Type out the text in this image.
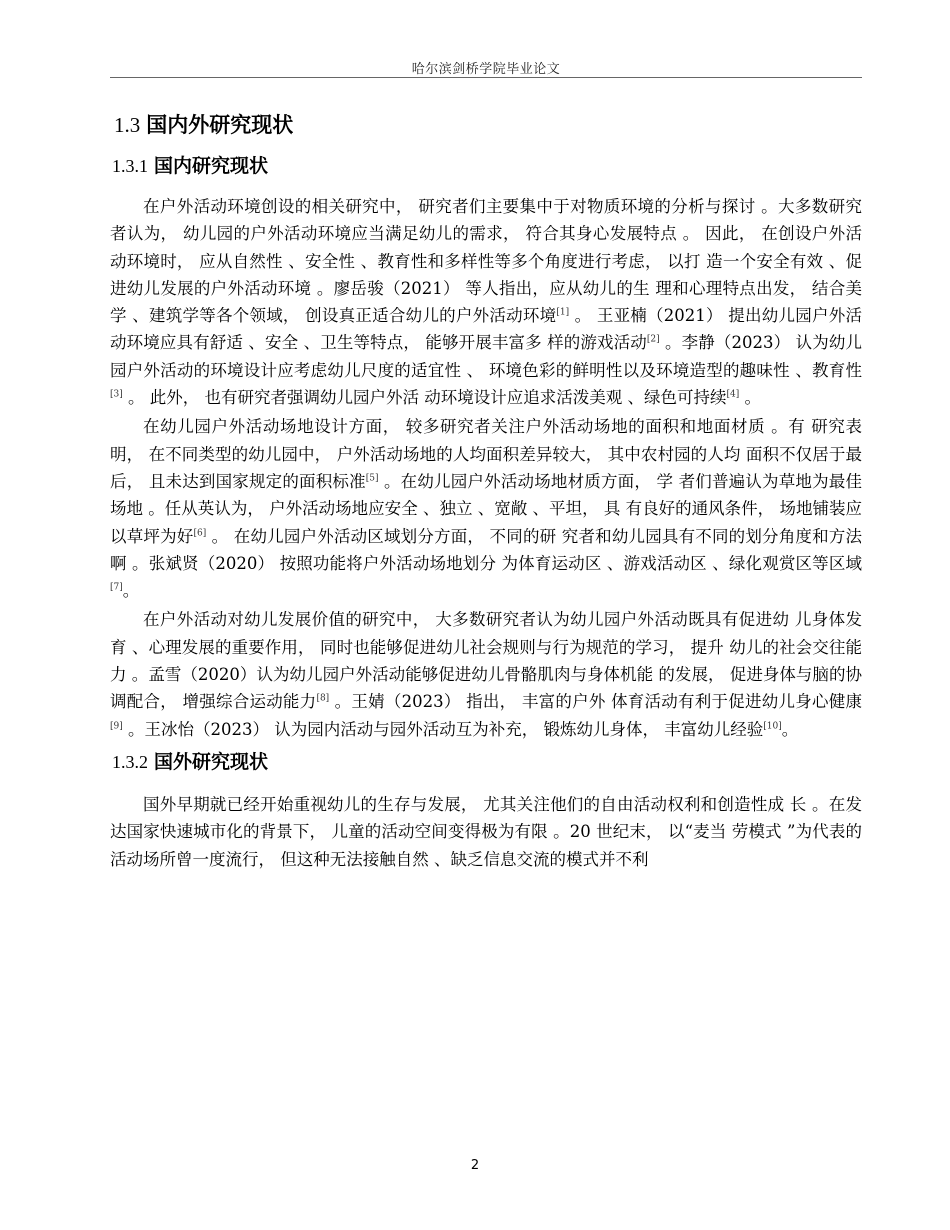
哈尔滨剑桥学院毕业论文
1.3 国内外研究现状
1.3.1 国内研究现状

在户外活动环境创设的相关研究中， 研究者们主要集中于对物质环境的分析与探讨 。大多数研究者认为， 幼儿园的户外活动环境应当满足幼儿的需求， 符合其身心发展特点 。 因此， 在创设户外活动环境时， 应从自然性 、安全性 、教育性和多样性等多个角度进行考虑， 以打 造一个安全有效 、促进幼儿发展的户外活动环境 。廖岳骏（2021） 等人指出，应从幼儿的生 理和心理特点出发， 结合美学 、建筑学等各个领域， 创设真正适合幼儿的户外活动环境[1] 。 王亚楠（2021） 提出幼儿园户外活动环境应具有舒适 、安全 、卫生等特点， 能够开展丰富多 样的游戏活动[2] 。李静（2023） 认为幼儿园户外活动的环境设计应考虑幼儿尺度的适宜性 、 环境色彩的鲜明性以及环境造型的趣味性 、教育性[3] 。 此外， 也有研究者强调幼儿园户外活 动环境设计应追求活泼美观 、绿色可持续[4] 。

在幼儿园户外活动场地设计方面， 较多研究者关注户外活动场地的面积和地面材质 。有 研究表明， 在不同类型的幼儿园中， 户外活动场地的人均面积差异较大， 其中农村园的人均 面积不仅居于最后， 且未达到国家规定的面积标准[5] 。在幼儿园户外活动场地材质方面， 学 者们普遍认为草地为最佳场地 。任从英认为， 户外活动场地应安全 、独立 、宽敞 、平坦， 具 有良好的通风条件， 场地铺装应以草坪为好[6] 。 在幼儿园户外活动区域划分方面， 不同的研 究者和幼儿园具有不同的划分角度和方法啊 。张斌贤（2020） 按照功能将户外活动场地划分 为体育运动区 、游戏活动区 、绿化观赏区等区域[7]。

在户外活动对幼儿发展价值的研究中， 大多数研究者认为幼儿园户外活动既具有促进幼 儿身体发育 、心理发展的重要作用， 同时也能够促进幼儿社会规则与行为规范的学习， 提升 幼儿的社会交往能力 。孟雪（2020）认为幼儿园户外活动能够促进幼儿骨骼肌肉与身体机能 的发展， 促进身体与脑的协调配合， 增强综合运动能力[8] 。王婧（2023） 指出， 丰富的户外 体育活动有利于促进幼儿身心健康[9] 。王冰怡（2023） 认为园内活动与园外活动互为补充， 锻炼幼儿身体， 丰富幼儿经验[10]。

1.3.2 国外研究现状

国外早期就已经开始重视幼儿的生存与发展， 尤其关注他们的自由活动权利和创造性成 长 。在发达国家快速城市化的背景下， 儿童的活动空间变得极为有限 。20 世纪末， 以“麦当 劳模式 ”为代表的活动场所曾一度流行， 但这种无法接触自然 、缺乏信息交流的模式并不利

2
